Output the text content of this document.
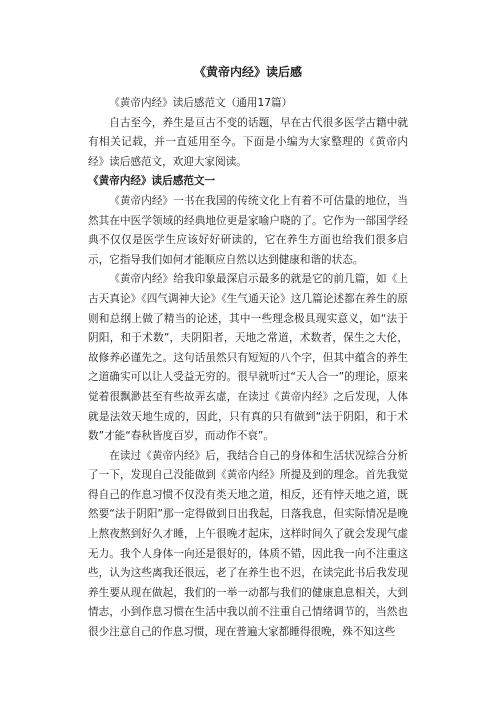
《黄帝内经》读后感

《黄帝内经》读后感范文（通用17篇）

自古至今，养生是亘古不变的话题，早在古代很多医学古籍中就有相关记载，并一直延用至今。下面是小编为大家整理的《黄帝内经》读后感范文，欢迎大家阅读。

《黄帝内经》读后感范文一

《黄帝内经》一书在我国的传统文化上有着不可估量的地位，当然其在中医学领域的经典地位更是家喻户晓的了。它作为一部国学经典不仅仅是医学生应该好好研读的，它在养生方面也给我们很多启示，它指导我们如何才能顺应自然以达到健康和谐的状态。

《黄帝内经》给我印象最深启示最多的就是它的前几篇，如《上古天真论》《四气调神大论》《生气通天论》这几篇论述都在养生的原则和总纲上做了精当的论述，其中一些理念极具现实意义，如“法于阴阳，和于术数”，夫阴阳者，天地之常道，术数者，保生之大伦，故修养必谨先之。这句话虽然只有短短的八个字，但其中蕴含的养生之道确实可以让人受益无穷的。很早就听过“天人合一”的理论，原来觉着很飘渺甚至有些故弄玄虚，在读过《黄帝内经》之后发现，人体就是法效天地生成的，因此，只有真的只有做到“法于阴阳，和于术数”才能“春秋皆度百岁，而动作不衰”。

在读过《黄帝内经》后，我结合自己的身体和生活状况综合分析了一下，发现自己没能做到《黄帝内经》所提及到的理念。首先我觉得自己的作息习惯不仅没有类天地之道，相反，还有悖天地之道，既然要“法于阴阳”那一定得做到日出我起，日落我息，但实际情况是晚上熬夜熬到好久才睡，上午很晚才起床，这样时间久了就会发现气虚无力。我个人身体一向还是很好的，体质不错，因此我一向不注重这些，认为这些离我还很远，老了在养生也不迟，在读完此书后我发现养生要从现在做起，我们的一举一动都与我们的健康息息相关，大到情志，小到作息习惯在生活中我以前不注重自己情绪调节的，当然也很少注意自己的作息习惯，现在普遍大家都睡得很晚，殊不知这些
